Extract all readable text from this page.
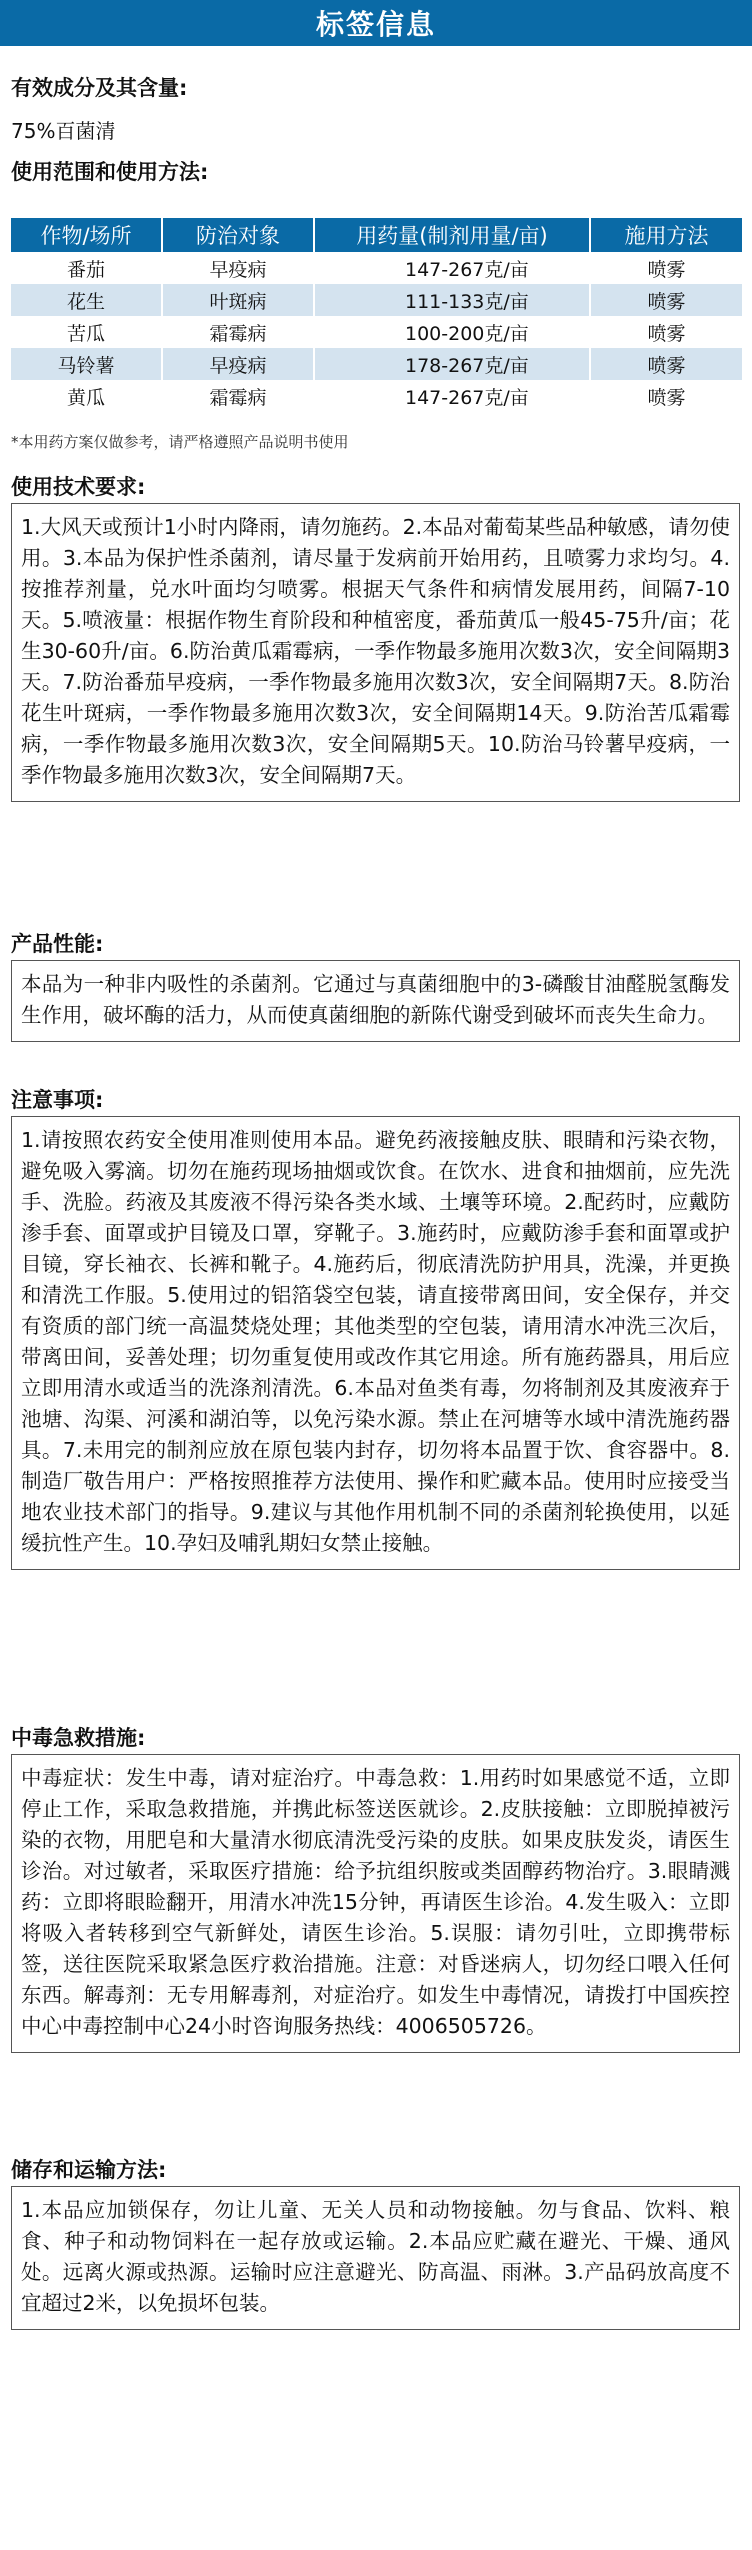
标签信息
有效成分及其含量:
75%百菌清
使用范围和使用方法:
作物/场所	防治对象	用药量(制剂用量/亩)	施用方法
番茄	早疫病	147-267克/亩	喷雾
花生	叶斑病	111-133克/亩	喷雾
苦瓜	霜霉病	100-200克/亩	喷雾
马铃薯	早疫病	178-267克/亩	喷雾
黄瓜	霜霉病	147-267克/亩	喷雾
*本用药方案仅做参考，请严格遵照产品说明书使用
使用技术要求:
1.大风天或预计1小时内降雨，请勿施药。2.本品对葡萄某些品种敏感，请勿使用。3.本品为保护性杀菌剂，请尽量于发病前开始用药，且喷雾力求均匀。4.按推荐剂量，兑水叶面均匀喷雾。根据天气条件和病情发展用药，间隔7-10天。5.喷液量：根据作物生育阶段和种植密度，番茄黄瓜一般45-75升/亩；花生30-60升/亩。6.防治黄瓜霜霉病，一季作物最多施用次数3次，安全间隔期3天。7.防治番茄早疫病，一季作物最多施用次数3次，安全间隔期7天。8.防治花生叶斑病，一季作物最多施用次数3次，安全间隔期14天。9.防治苦瓜霜霉病，一季作物最多施用次数3次，安全间隔期5天。10.防治马铃薯早疫病，一季作物最多施用次数3次，安全间隔期7天。
产品性能:
本品为一种非内吸性的杀菌剂。它通过与真菌细胞中的3-磷酸甘油醛脱氢酶发生作用，破坏酶的活力，从而使真菌细胞的新陈代谢受到破坏而丧失生命力。
注意事项:
1.请按照农药安全使用准则使用本品。避免药液接触皮肤、眼睛和污染衣物，避免吸入雾滴。切勿在施药现场抽烟或饮食。在饮水、进食和抽烟前，应先洗手、洗脸。药液及其废液不得污染各类水域、土壤等环境。2.配药时，应戴防渗手套、面罩或护目镜及口罩，穿靴子。3.施药时，应戴防渗手套和面罩或护目镜，穿长袖衣、长裤和靴子。4.施药后，彻底清洗防护用具，洗澡，并更换和清洗工作服。5.使用过的铝箔袋空包装，请直接带离田间，安全保存，并交有资质的部门统一高温焚烧处理；其他类型的空包装，请用清水冲洗三次后，带离田间，妥善处理；切勿重复使用或改作其它用途。所有施药器具，用后应立即用清水或适当的洗涤剂清洗。6.本品对鱼类有毒，勿将制剂及其废液弃于池塘、沟渠、河溪和湖泊等，以免污染水源。禁止在河塘等水域中清洗施药器具。7.未用完的制剂应放在原包装内封存，切勿将本品置于饮、食容器中。8.制造厂敬告用户：严格按照推荐方法使用、操作和贮藏本品。使用时应接受当地农业技术部门的指导。9.建议与其他作用机制不同的杀菌剂轮换使用，以延缓抗性产生。10.孕妇及哺乳期妇女禁止接触。
中毒急救措施:
中毒症状：发生中毒，请对症治疗。中毒急救：1.用药时如果感觉不适，立即停止工作，采取急救措施，并携此标签送医就诊。2.皮肤接触：立即脱掉被污染的衣物，用肥皂和大量清水彻底清洗受污染的皮肤。如果皮肤发炎，请医生诊治。对过敏者，采取医疗措施：给予抗组织胺或类固醇药物治疗。3.眼睛溅药：立即将眼睑翻开，用清水冲洗15分钟，再请医生诊治。4.发生吸入：立即将吸入者转移到空气新鲜处，请医生诊治。5.误服：请勿引吐，立即携带标签，送往医院采取紧急医疗救治措施。注意：对昏迷病人，切勿经口喂入任何东西。解毒剂：无专用解毒剂，对症治疗。如发生中毒情况，请拨打中国疾控中心中毒控制中心24小时咨询服务热线：4006505726。
储存和运输方法:
1.本品应加锁保存，勿让儿童、无关人员和动物接触。勿与食品、饮料、粮食、种子和动物饲料在一起存放或运输。2.本品应贮藏在避光、干燥、通风处。远离火源或热源。运输时应注意避光、防高温、雨淋。3.产品码放高度不宜超过2米，以免损坏包装。
